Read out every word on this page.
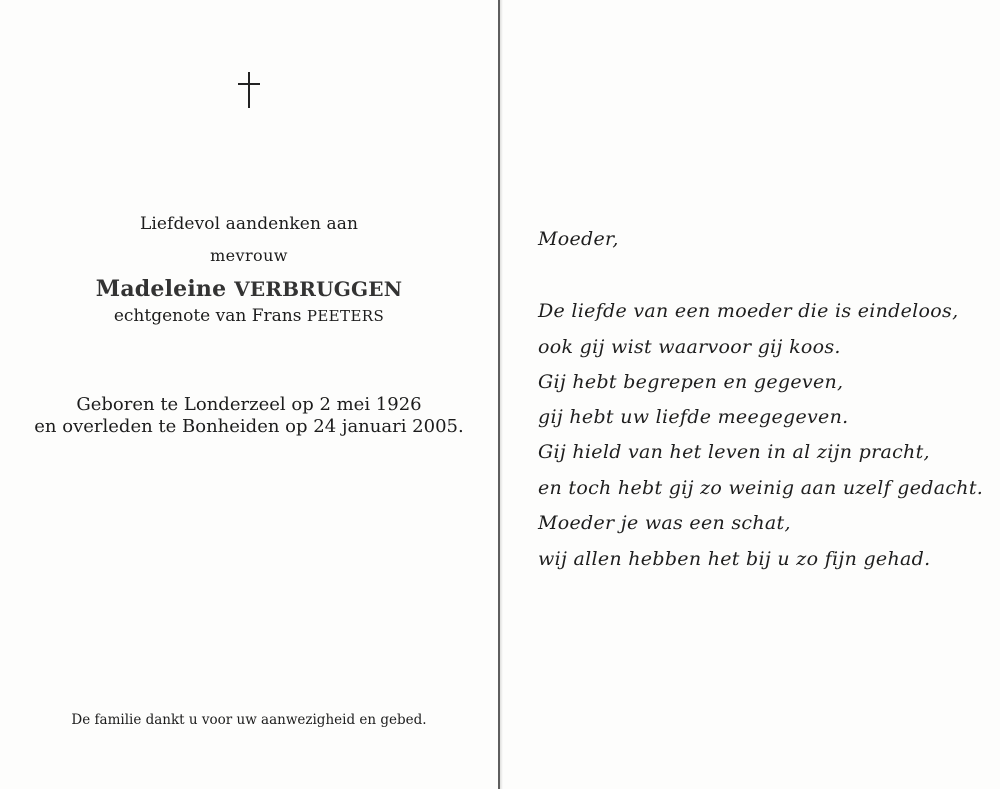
Liefdevol aandenken aan
mevrouw
Madeleine VERBRUGGEN
echtgenote van Frans PEETERS
Geboren te Londerzeel op 2 mei 1926
en overleden te Bonheiden op 24 januari 2005.
De familie dankt u voor uw aanwezigheid en gebed.
Moeder,
De liefde van een moeder die is eindeloos,
ook gij wist waarvoor gij koos.
Gij hebt begrepen en gegeven,
gij hebt uw liefde meegegeven.
Gij hield van het leven in al zijn pracht,
en toch hebt gij zo weinig aan uzelf gedacht.
Moeder je was een schat,
wij allen hebben het bij u zo fijn gehad.
